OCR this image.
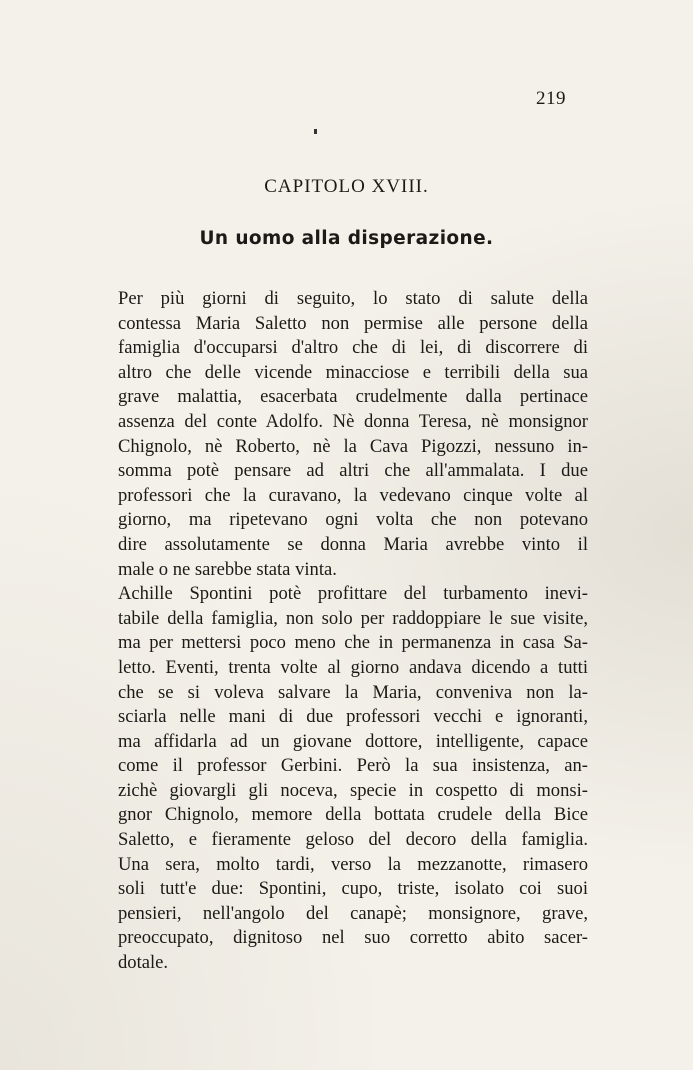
219
CAPITOLO XVIII.
Un uomo alla disperazione.
Per più giorni di seguito, lo stato di salute della
contessa Maria Saletto non permise alle persone della
famiglia d'occuparsi d'altro che di lei, di discorrere di
altro che delle vicende minacciose e terribili della sua
grave malattia, esacerbata crudelmente dalla pertinace
assenza del conte Adolfo. Nè donna Teresa, nè monsignor
Chignolo, nè Roberto, nè la Cava Pigozzi, nessuno in-
somma potè pensare ad altri che all'ammalata. I due
professori che la curavano, la vedevano cinque volte al
giorno, ma ripetevano ogni volta che non potevano
dire assolutamente se donna Maria avrebbe vinto il
male o ne sarebbe stata vinta.
Achille Spontini potè profittare del turbamento inevi-
tabile della famiglia, non solo per raddoppiare le sue visite,
ma per mettersi poco meno che in permanenza in casa Sa-
letto. Eventi, trenta volte al giorno andava dicendo a tutti
che se si voleva salvare la Maria, conveniva non la-
sciarla nelle mani di due professori vecchi e ignoranti,
ma affidarla ad un giovane dottore, intelligente, capace
come il professor Gerbini. Però la sua insistenza, an-
zichè giovargli gli noceva, specie in cospetto di monsi-
gnor Chignolo, memore della bottata crudele della Bice
Saletto, e fieramente geloso del decoro della famiglia.
Una sera, molto tardi, verso la mezzanotte, rimasero
soli tutt'e due: Spontini, cupo, triste, isolato coi suoi
pensieri, nell'angolo del canapè; monsignore, grave,
preoccupato, dignitoso nel suo corretto abito sacer-
dotale.
